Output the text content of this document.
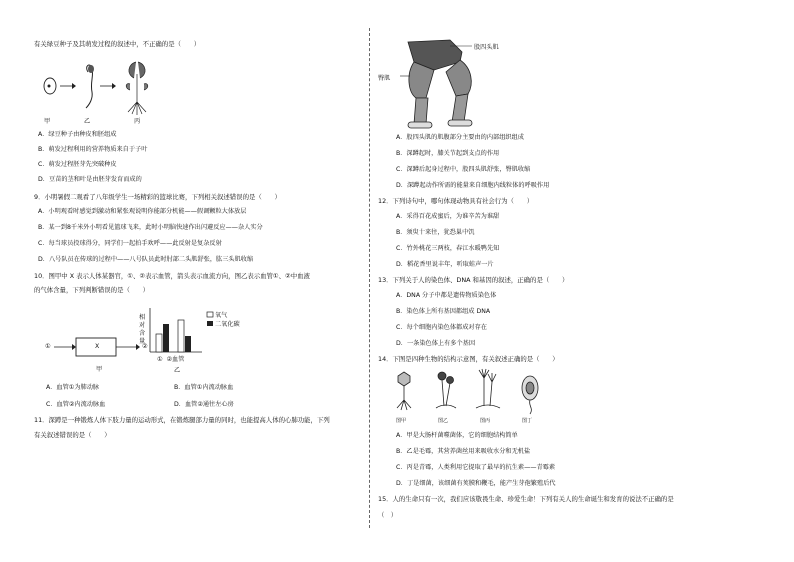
有关绿豆种子及其萌发过程的叙述中，不正确的是（　　）
甲	乙	丙
A．绿豆种子由种皮和胚组成
B．萌发过程利用的营养物质来自于子叶
C．萌发过程胚芽先突破种皮
D．豆苗的茎和叶是由胚芽发育而成的
9．小明暑假二观看了八年级学生一场精彩的篮球比赛，下列相关叙述错误的是（　　）
A．小明观看时感觉到激动和紧张观说明你能部分机能——假调颗粒大体放层
B．某一到8千米外小明看见篮球飞来，此时小明脑快速作出闪避反应——杂人实分
C．每当球员投球得分，同学们一起拍手欢呼——此反射是复杂反射
D．八号队员在传球的过程中——八号队员此时肘部二头肌舒张，肱三头肌收缩
10．图甲中 X 表示人体某器官，①、②表示血管，箭头表示血流方向，图乙表示血管①、②中血液
的气体含量，下列判断错误的是（　　）
①	X	②
甲
相
对
含
量
氧气
二氧化碳
①  ②血管
乙
A．血管①为肺动脉	B．血管①内流动脉血
C．血管②内流动脉血	D．血管②通往左心房
11．深蹲是一种锻炼人体下肢力量的运动形式，在锻炼腿部力量的同时，也能提高人体的心肺功能，下列
有关叙述错误的是（　　）
股四头肌
臀肌
A．股四头肌的肌腹部分主要由的内部组织组成
B．深蹲起时，膝关节起到支点的作用
C．深蹲后起身过程中，股四头肌舒张，臀肌收缩
D．深蹲起动作所需的能量来自细胞内线粒体的呼吸作用
12．下列诗句中，哪句体现动物具有社会行为（　　）
A．采得百花成蜜后，为谁辛苦为谁甜
B．须臾十来往，犹恐巢中饥
C．竹外桃花三两枝，春江水暖鸭先知
D．稻花香里说丰年，听取蛙声一片
13．下列关于人的染色体、DNA 和基因的叙述，正确的是（　　）
A．DNA 分子中都是遗传物质染色体
B．染色体上所有基因都组成 DNA
C．每个细胞内染色体都成对存在
D．一条染色体上有多个基因
14．下图是四种生物的结构示意图，有关叙述正确的是（　　）
图甲	图乙	图丙	图丁
A．甲是大肠杆菌噬菌体，它的细胞结构简单
B．乙是毛霉，其营养菌丝用来吸收水分和无机盐
C．丙是青霉，人类利用它提取了最早的抗生素——青霉素
D．丁是细菌，该细菌有荚膜和鞭毛，能产生芽孢繁殖后代
15．人的生命只有一次，我们应该敬畏生命、珍爱生命！下列有关人的生命诞生和发育的说法不正确的是
（　）
